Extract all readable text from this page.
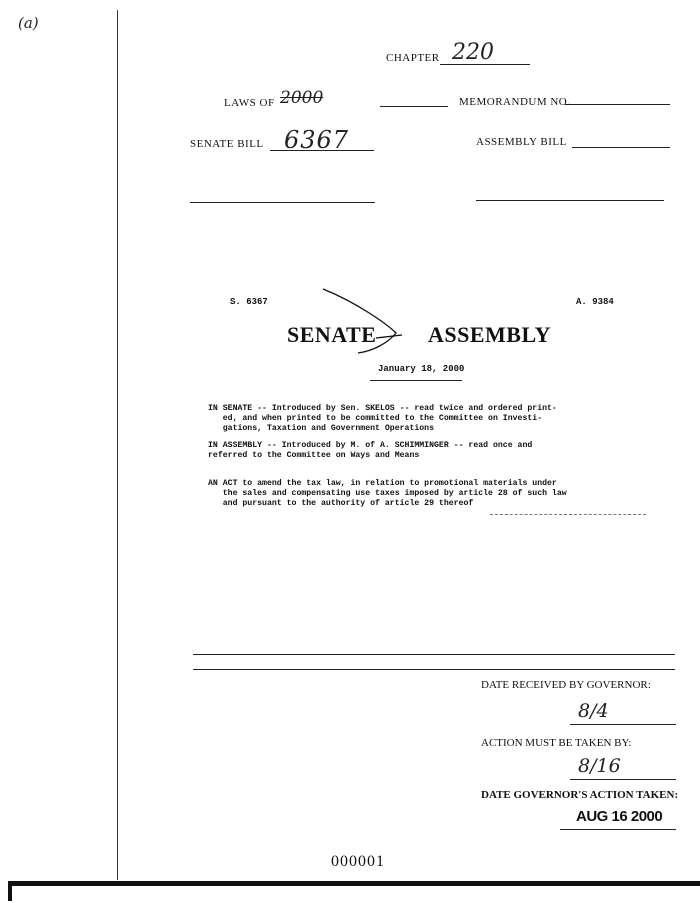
(a)
CHAPTER 220
LAWS OF 2000	MEMORANDUM NO.
SENATE BILL 6367	ASSEMBLY BILL
S. 6367	A. 9384
SENATE ASSEMBLY
January 18, 2000
IN SENATE -- Introduced by Sen. SKELOS -- read twice and ordered print-
ed, and when printed to be committed to the Committee on Investi-
gations, Taxation and Government Operations
IN ASSEMBLY -- Introduced by M. of A. SCHIMMINGER -- read once and
referred to the Committee on Ways and Means
AN ACT to amend the tax law, in relation to promotional materials under
the sales and compensating use taxes imposed by article 28 of such law
and pursuant to the authority of article 29 thereof
DATE RECEIVED BY GOVERNOR:
8/4
ACTION MUST BE TAKEN BY:
8/16
DATE GOVERNOR'S ACTION TAKEN:
AUG 16 2000
000001
